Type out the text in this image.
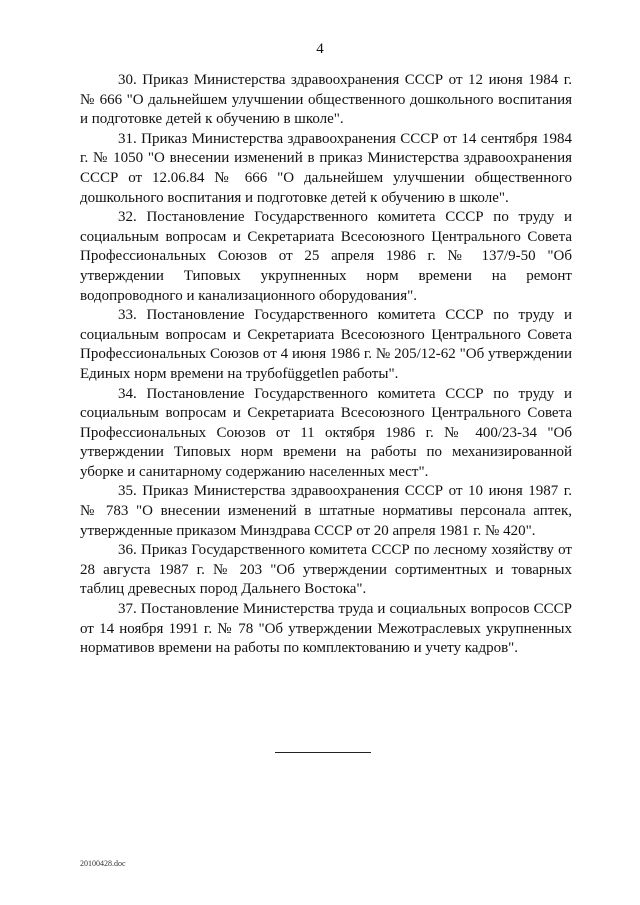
4

30. Приказ Министерства здравоохранения СССР от 12 июня 1984 г. № 666 "О дальнейшем улучшении общественного дошкольного воспитания и подготовке детей к обучению в школе".

31. Приказ Министерства здравоохранения СССР от 14 сентября 1984 г. № 1050 "О внесении изменений в приказ Министерства здравоохранения СССР от 12.06.84 № 666 "О дальнейшем улучшении общественного дошкольного воспитания и подготовке детей к обучению в школе".

32. Постановление Государственного комитета СССР по труду и социальным вопросам и Секретариата Всесоюзного Центрального Совета Профессиональных Союзов от 25 апреля 1986 г. № 137/9-50 "Об утверждении Типовых укрупненных норм времени на ремонт водопроводного и канализационного оборудования".

33. Постановление Государственного комитета СССР по труду и социальным вопросам и Секретариата Всесоюзного Центрального Совета Профессиональных Союзов от 4 июня 1986 г. № 205/12-62 "Об утверждении Единых норм времени на трубоfüggetlen работы".

34. Постановление Государственного комитета СССР по труду и социальным вопросам и Секретариата Всесоюзного Центрального Совета Профессиональных Союзов от 11 октября 1986 г. № 400/23-34 "Об утверждении Типовых норм времени на работы по механизированной уборке и санитарному содержанию населенных мест".

35. Приказ Министерства здравоохранения СССР от 10 июня 1987 г. № 783 "О внесении изменений в штатные нормативы персонала аптек, утвержденные приказом Минздрава СССР от 20 апреля 1981 г. № 420".

36. Приказ Государственного комитета СССР по лесному хозяйству от 28 августа 1987 г. № 203 "Об утверждении сортиментных и товарных таблиц древесных пород Дальнего Востока".

37. Постановление Министерства труда и социальных вопросов СССР от 14 ноября 1991 г. № 78 "Об утверждении Межотраслевых укрупненных нормативов времени на работы по комплектованию и учету кадров".

20100428.doc
